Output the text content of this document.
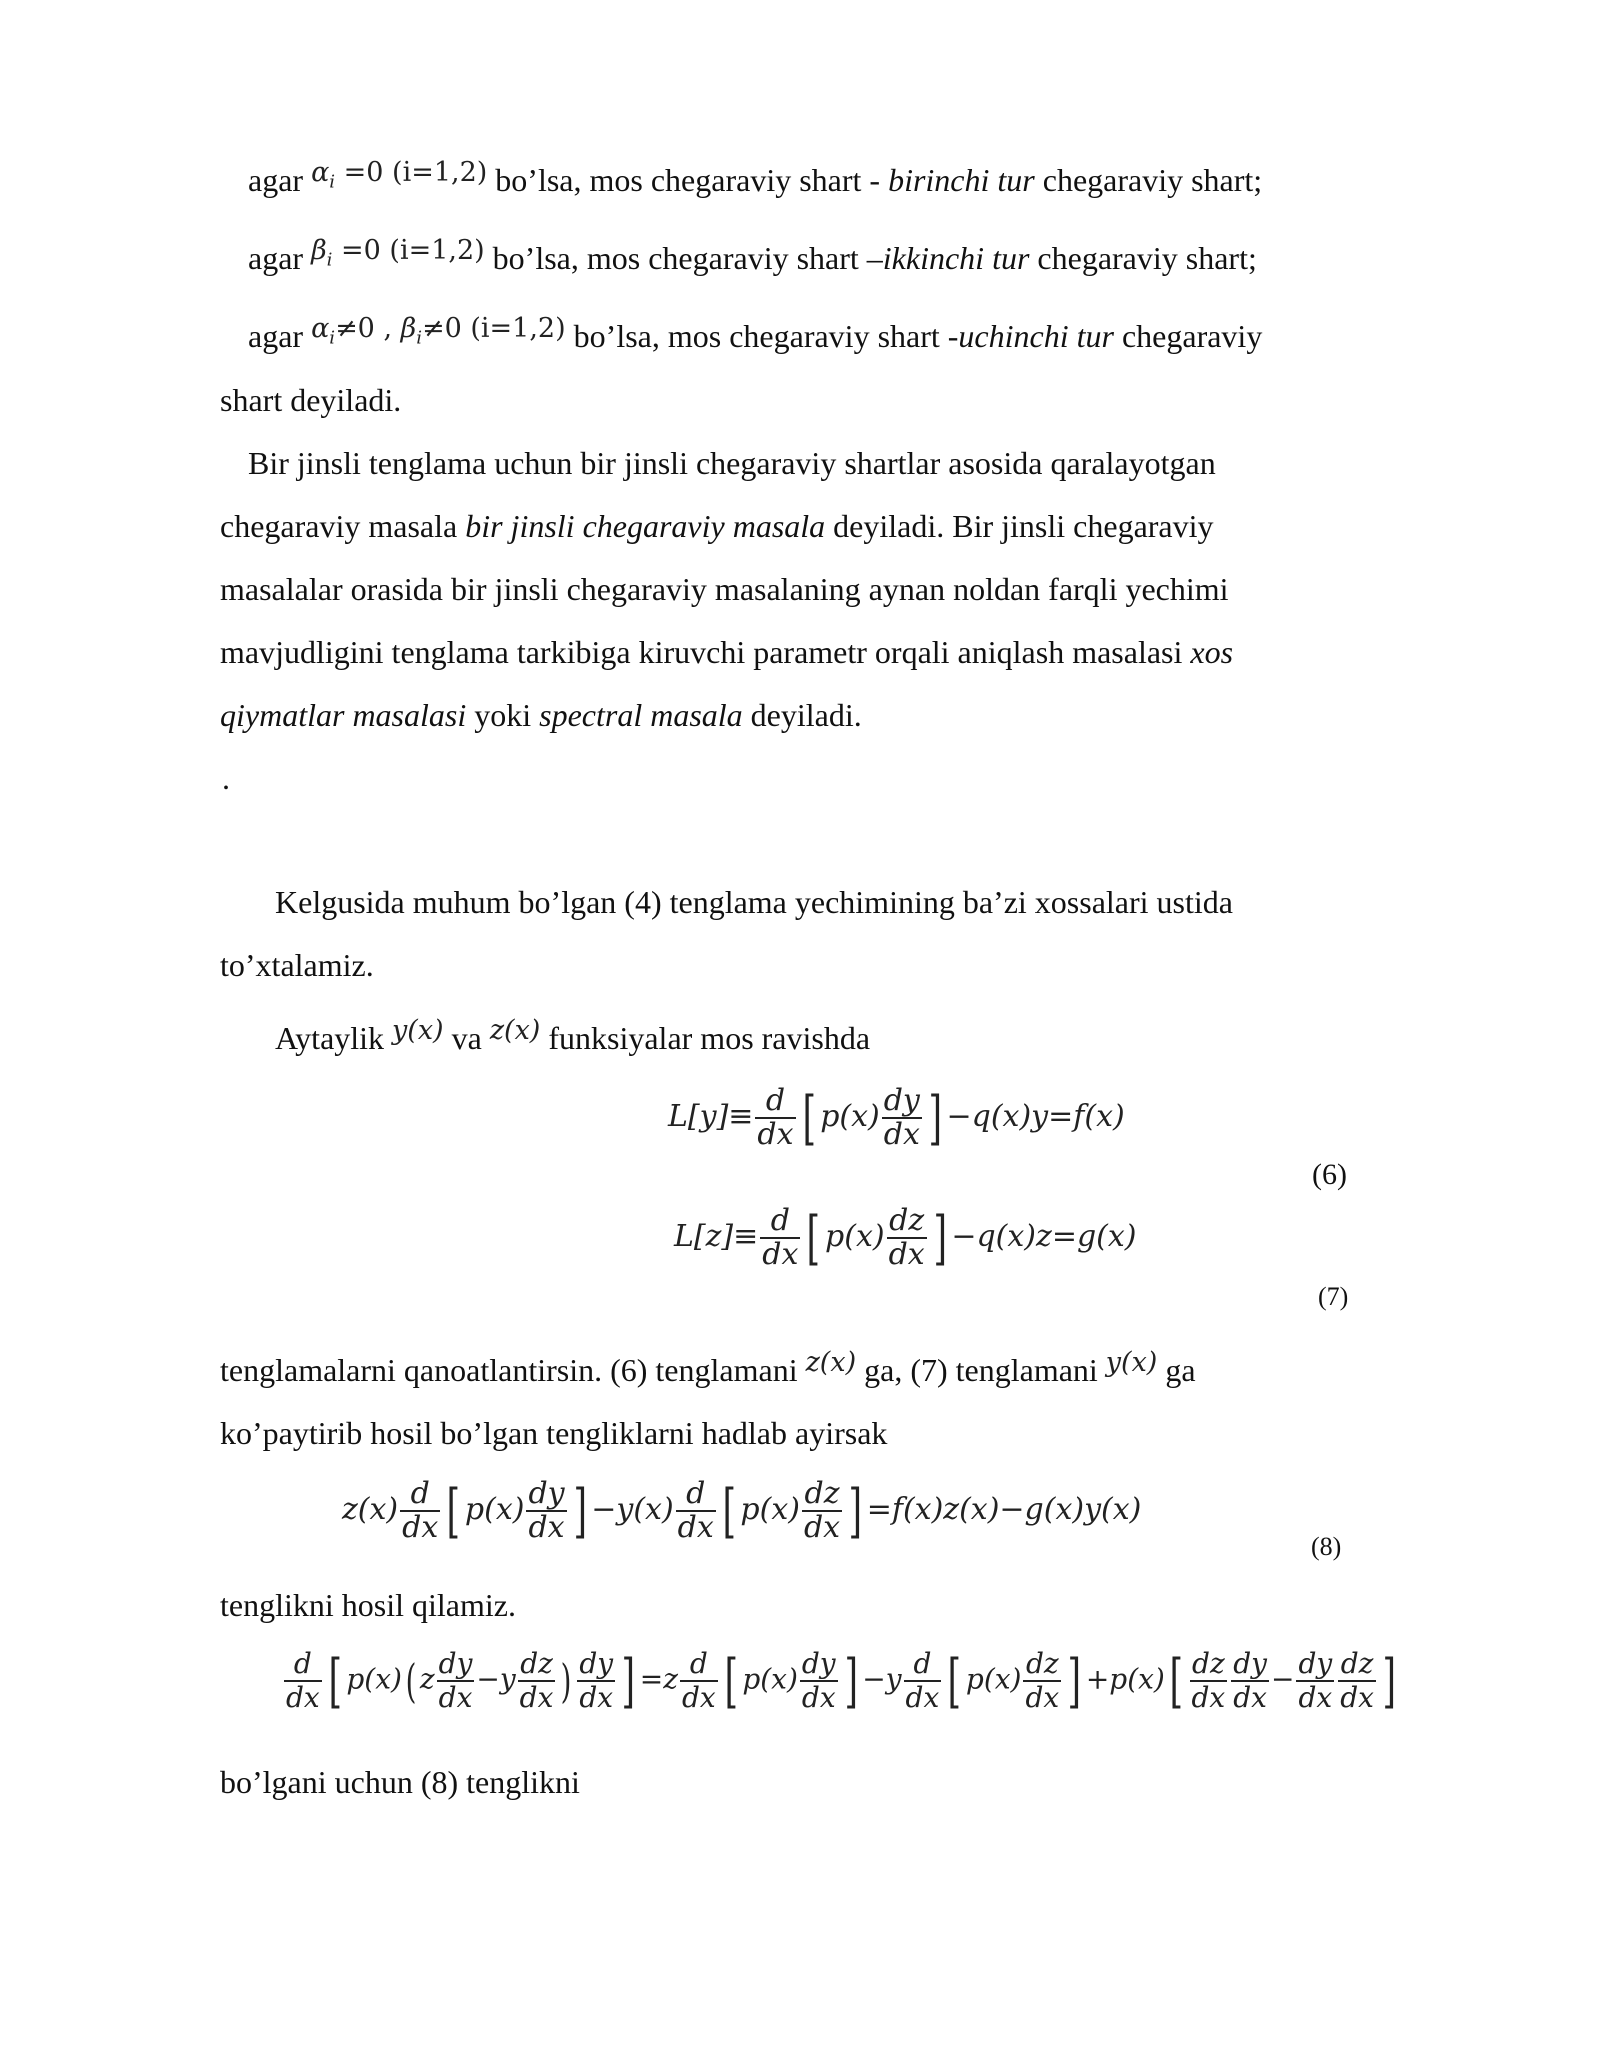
agar $^{\alpha_i =0 (i=1,2)}$ bo’lsa, mos chegaraviy shart - birinchi tur chegaraviy shart;
agar $^{\beta_i =0 (i=1,2)}$ bo’lsa, mos chegaraviy shart –ikkinchi tur chegaraviy shart;
agar $^{\alpha_i\ne 0 , \beta_i\ne 0 (i=1,2)}$ bo’lsa, mos chegaraviy shart -uchinchi tur chegaraviy
shart deyiladi.
Bir jinsli tenglama uchun bir jinsli chegaraviy shartlar asosida qaralayotgan
chegaraviy masala bir jinsli chegaraviy masala deyiladi. Bir jinsli chegaraviy
masalalar orasida bir jinsli chegaraviy masalaning aynan noldan farqli yechimi
mavjudligini tenglama tarkibiga kiruvchi parametr orqali aniqlash masalasi xos
qiymatlar masalasi yoki spectral masala deyiladi.
.
Kelgusida muhum bo’lgan (4) tenglama yechimining ba’zi xossalari ustida
to’xtalamiz.
Aytaylik $^{y(x)}$ va $^{z(x)}$ funksiyalar mos ravishda
$L[y]\equiv \frac{d}{dx}$ [ $p(x) \frac{dy}{dx}$ ] −q(x)y=f(x)
(6)
$L[z]\equiv \frac{d}{dx}$ [ $p(x) \frac{dz}{dx}$ ] −q(x)z=g(x)
(7)
tenglamalarni qanoatlantirsin. (6) tenglamani $^{z(x)}$ ga, (7) tenglamani $^{y(x)}$ ga
ko’paytirib hosil bo’lgan tengliklarni hadlab ayirsak
$z(x) \frac{d}{dx}$ [ $p(x) \frac{dy}{dx}$ ] $-y(x) \frac{d}{dx}$ [ $p(x) \frac{dz}{dx}$ ] =f(x)z(x)−g(x)y(x)
(8)
tenglikni hosil qilamiz.
$\frac{d}{dx}$ [ p(x)( z $\frac{dy}{dx} -y \frac{dz}{dx}$ ) $\frac{dy}{dx}$ ] $=z \frac{d}{dx}$ [ $p(x) \frac{dy}{dx}$ ] $-y \frac{d}{dx}$ [ $p(x) \frac{dz}{dx}$ ] $+p(x)[ \frac{dz}{dx} \frac{dy}{dx} - \frac{dy}{dx} \frac{dz}{dx}$ ]
bo’lgani uchun (8) tenglikni
